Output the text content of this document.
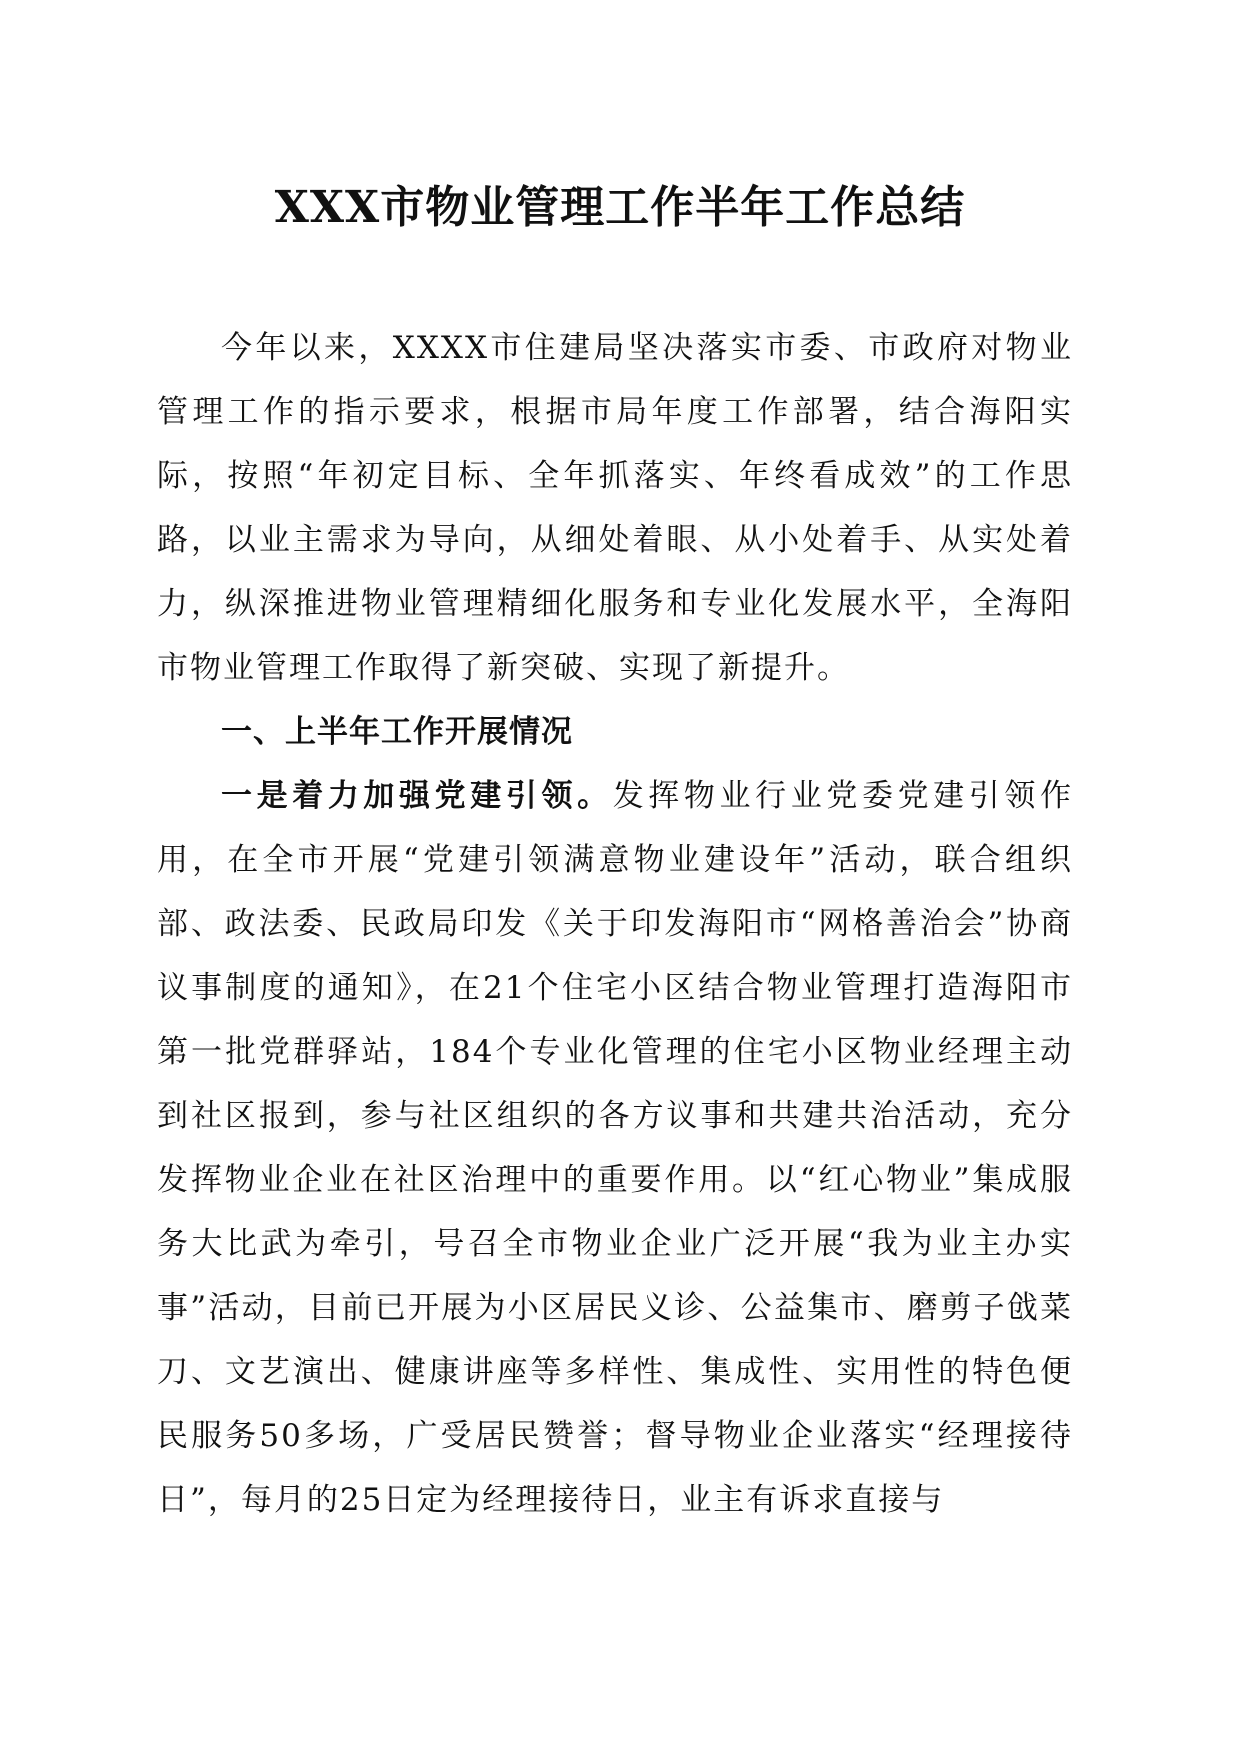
XXX市物业管理工作半年工作总结

今年以来，XXXX市住建局坚决落实市委、市政府对物业管理工作的指示要求，根据市局年度工作部署，结合海阳实际，按照“年初定目标、全年抓落实、年终看成效”的工作思路，以业主需求为导向，从细处着眼、从小处着手、从实处着力，纵深推进物业管理精细化服务和专业化发展水平，全海阳市物业管理工作取得了新突破、实现了新提升。

一、上半年工作开展情况

一是着力加强党建引领。发挥物业行业党委党建引领作用，在全市开展“党建引领满意物业建设年”活动，联合组织部、政法委、民政局印发《关于印发海阳市“网格善治会”协商议事制度的通知》，在21个住宅小区结合物业管理打造海阳市第一批党群驿站，184个专业化管理的住宅小区物业经理主动到社区报到，参与社区组织的各方议事和共建共治活动，充分发挥物业企业在社区治理中的重要作用。以“红心物业”集成服务大比武为牵引，号召全市物业企业广泛开展“我为业主办实事”活动，目前已开展为小区居民义诊、公益集市、磨剪子戗菜刀、文艺演出、健康讲座等多样性、集成性、实用性的特色便民服务50多场，广受居民赞誉；督导物业企业落实“经理接待日”，每月的25日定为经理接待日，业主有诉求直接与
